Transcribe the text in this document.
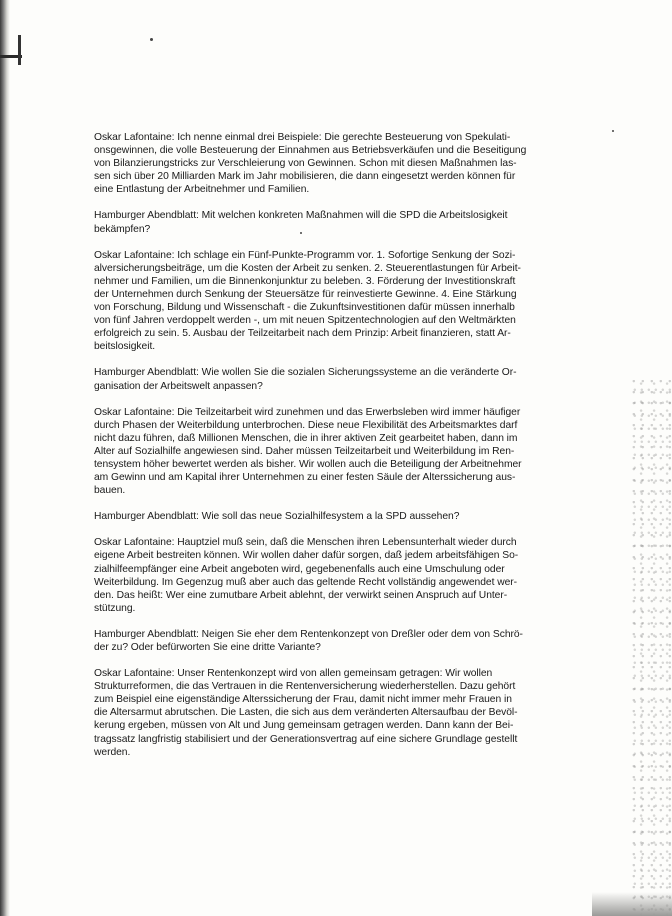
Oskar Lafontaine: Ich nenne einmal drei Beispiele: Die gerechte Besteuerung von Spekulati-
onsgewinnen, die volle Besteuerung der Einnahmen aus Betriebsverkäufen und die Beseitigung
von Bilanzierungstricks zur Verschleierung von Gewinnen. Schon mit diesen Maßnahmen las-
sen sich über 20 Milliarden Mark im Jahr mobilisieren, die dann eingesetzt werden können für
eine Entlastung der Arbeitnehmer und Familien.

Hamburger Abendblatt: Mit welchen konkreten Maßnahmen will die SPD die Arbeitslosigkeit
bekämpfen?

Oskar Lafontaine: Ich schlage ein Fünf-Punkte-Programm vor. 1. Sofortige Senkung der Sozi-
alversicherungsbeiträge, um die Kosten der Arbeit zu senken. 2. Steuerentlastungen für Arbeit-
nehmer und Familien, um die Binnenkonjunktur zu beleben. 3. Förderung der Investitionskraft
der Unternehmen durch Senkung der Steuersätze für reinvestierte Gewinne. 4. Eine Stärkung
von Forschung, Bildung und Wissenschaft - die Zukunftsinvestitionen dafür müssen innerhalb
von fünf Jahren verdoppelt werden -, um mit neuen Spitzentechnologien auf den Weltmärkten
erfolgreich zu sein. 5. Ausbau der Teilzeitarbeit nach dem Prinzip: Arbeit finanzieren, statt Ar-
beitslosigkeit.

Hamburger Abendblatt: Wie wollen Sie die sozialen Sicherungssysteme an die veränderte Or-
ganisation der Arbeitswelt anpassen?

Oskar Lafontaine: Die Teilzeitarbeit wird zunehmen und das Erwerbsleben wird immer häufiger
durch Phasen der Weiterbildung unterbrochen. Diese neue Flexibilität des Arbeitsmarktes darf
nicht dazu führen, daß Millionen Menschen, die in ihrer aktiven Zeit gearbeitet haben, dann im
Alter auf Sozialhilfe angewiesen sind. Daher müssen Teilzeitarbeit und Weiterbildung im Ren-
tensystem höher bewertet werden als bisher. Wir wollen auch die Beteiligung der Arbeitnehmer
am Gewinn und am Kapital ihrer Unternehmen zu einer festen Säule der Alterssicherung aus-
bauen.

Hamburger Abendblatt: Wie soll das neue Sozialhilfesystem a la SPD aussehen?

Oskar Lafontaine: Hauptziel muß sein, daß die Menschen ihren Lebensunterhalt wieder durch
eigene Arbeit bestreiten können. Wir wollen daher dafür sorgen, daß jedem arbeitsfähigen So-
zialhilfeempfänger eine Arbeit angeboten wird, gegebenenfalls auch eine Umschulung oder
Weiterbildung. Im Gegenzug muß aber auch das geltende Recht vollständig angewendet wer-
den. Das heißt: Wer eine zumutbare Arbeit ablehnt, der verwirkt seinen Anspruch auf Unter-
stützung.

Hamburger Abendblatt: Neigen Sie eher dem Rentenkonzept von Dreßler oder dem von Schrö-
der zu? Oder befürworten Sie eine dritte Variante?

Oskar Lafontaine: Unser Rentenkonzept wird von allen gemeinsam getragen: Wir wollen
Strukturreformen, die das Vertrauen in die Rentenversicherung wiederherstellen. Dazu gehört
zum Beispiel eine eigenständige Alterssicherung der Frau, damit nicht immer mehr Frauen in
die Altersarmut abrutschen. Die Lasten, die sich aus dem veränderten Altersaufbau der Bevöl-
kerung ergeben, müssen von Alt und Jung gemeinsam getragen werden. Dann kann der Bei-
tragssatz langfristig stabilisiert und der Generationsvertrag auf eine sichere Grundlage gestellt
werden.
